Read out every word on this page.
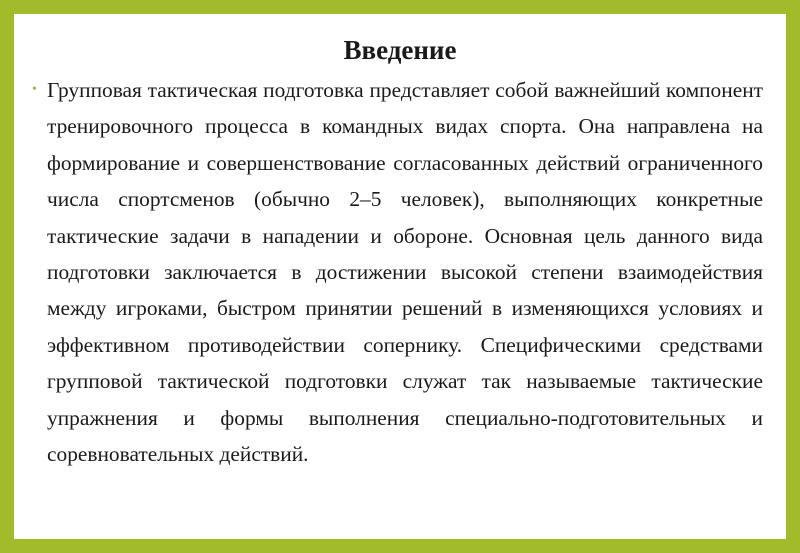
Введение
• Групповая тактическая подготовка представляет собой важнейший компонент тренировочного процесса в командных видах спорта. Она направлена на формирование и совершенствование согласованных действий ограниченного числа спортсменов (обычно 2–5 человек), выполняющих конкретные тактические задачи в нападении и обороне. Основная цель данного вида подготовки заключается в достижении высокой степени взаимодействия между игроками, быстром принятии решений в изменяющихся условиях и эффективном противодействии сопернику. Специфическими средствами групповой тактической подготовки служат так называемые тактические упражнения и формы выполнения специально-подготовительных и соревновательных действий.
